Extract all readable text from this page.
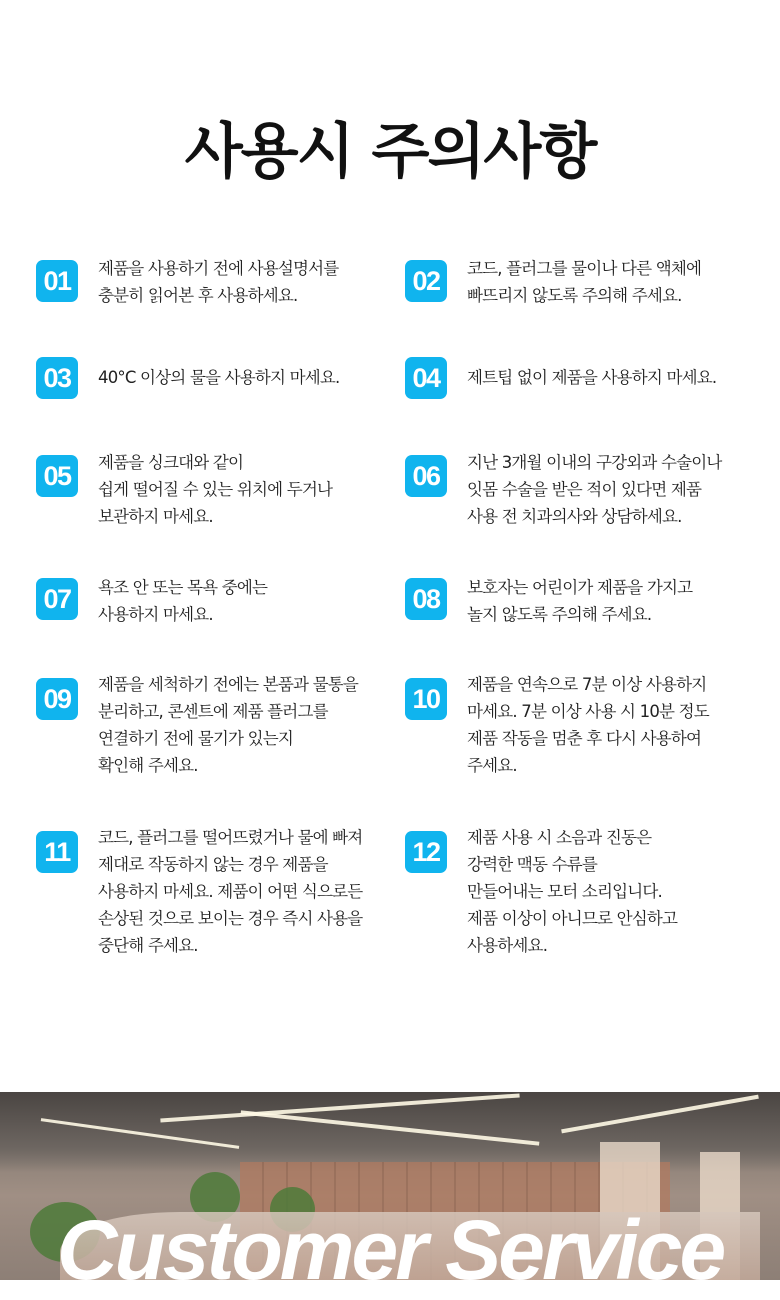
사용시 주의사항
01	제품을 사용하기 전에 사용설명서를
충분히 읽어본 후 사용하세요.	02	코드, 플러그를 물이나 다른 액체에
빠뜨리지 않도록 주의해 주세요.
03	40°C 이상의 물을 사용하지 마세요.	04	제트팁 없이 제품을 사용하지 마세요.
05	제품을 싱크대와 같이
쉽게 떨어질 수 있는 위치에 두거나
보관하지 마세요.
06	지난 3개월 이내의 구강외과 수술이나
잇몸 수술을 받은 적이 있다면 제품
사용 전 치과의사와 상담하세요.
07	욕조 안 또는 목욕 중에는
사용하지 마세요.
08	보호자는 어린이가 제품을 가지고
놀지 않도록 주의해 주세요.
09	제품을 세척하기 전에는 본품과 물통을
분리하고, 콘센트에 제품 플러그를
연결하기 전에 물기가 있는지
확인해 주세요.
10	제품을 연속으로 7분 이상 사용하지
마세요. 7분 이상 사용 시 10분 정도
제품 작동을 멈춘 후 다시 사용하여
주세요.
11	코드, 플러그를 떨어뜨렸거나 물에 빠져
제대로 작동하지 않는 경우 제품을
사용하지 마세요. 제품이 어떤 식으로든
손상된 것으로 보이는 경우 즉시 사용을
중단해 주세요.
12	제품 사용 시 소음과 진동은
강력한 맥동 수류를
만들어내는 모터 소리입니다.
제품 이상이 아니므로 안심하고
사용하세요.
Customer Service
